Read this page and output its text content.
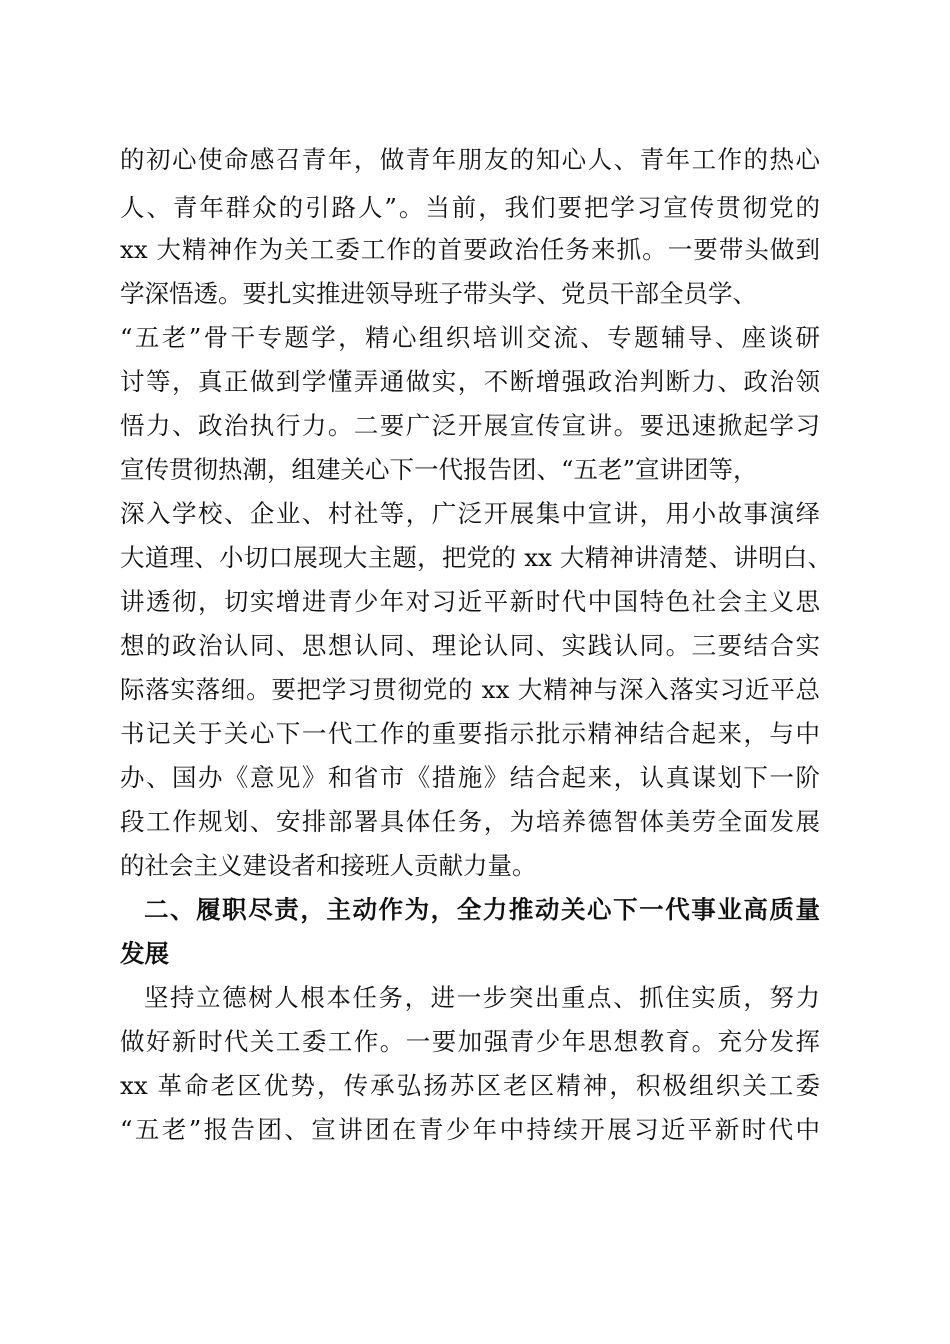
的初心使命感召青年，做青年朋友的知心人、青年工作的热心
人、青年群众的引路人”。当前，我们要把学习宣传贯彻党的
xx 大精神作为关工委工作的首要政治任务来抓。一要带头做到
学深悟透。要扎实推进领导班子带头学、党员干部全员学、
“五老”骨干专题学，精心组织培训交流、专题辅导、座谈研
讨等，真正做到学懂弄通做实，不断增强政治判断力、政治领
悟力、政治执行力。二要广泛开展宣传宣讲。要迅速掀起学习
宣传贯彻热潮，组建关心下一代报告团、“五老”宣讲团等，
深入学校、企业、村社等，广泛开展集中宣讲，用小故事演绎
大道理、小切口展现大主题，把党的 xx 大精神讲清楚、讲明白、
讲透彻，切实增进青少年对习近平新时代中国特色社会主义思
想的政治认同、思想认同、理论认同、实践认同。三要结合实
际落实落细。要把学习贯彻党的 xx 大精神与深入落实习近平总
书记关于关心下一代工作的重要指示批示精神结合起来，与中
办、国办《意见》和省市《措施》结合起来，认真谋划下一阶
段工作规划、安排部署具体任务，为培养德智体美劳全面发展
的社会主义建设者和接班人贡献力量。
二、履职尽责，主动作为，全力推动关心下一代事业高质量
发展
坚持立德树人根本任务，进一步突出重点、抓住实质，努力
做好新时代关工委工作。一要加强青少年思想教育。充分发挥
xx 革命老区优势，传承弘扬苏区老区精神，积极组织关工委
“五老”报告团、宣讲团在青少年中持续开展习近平新时代中
